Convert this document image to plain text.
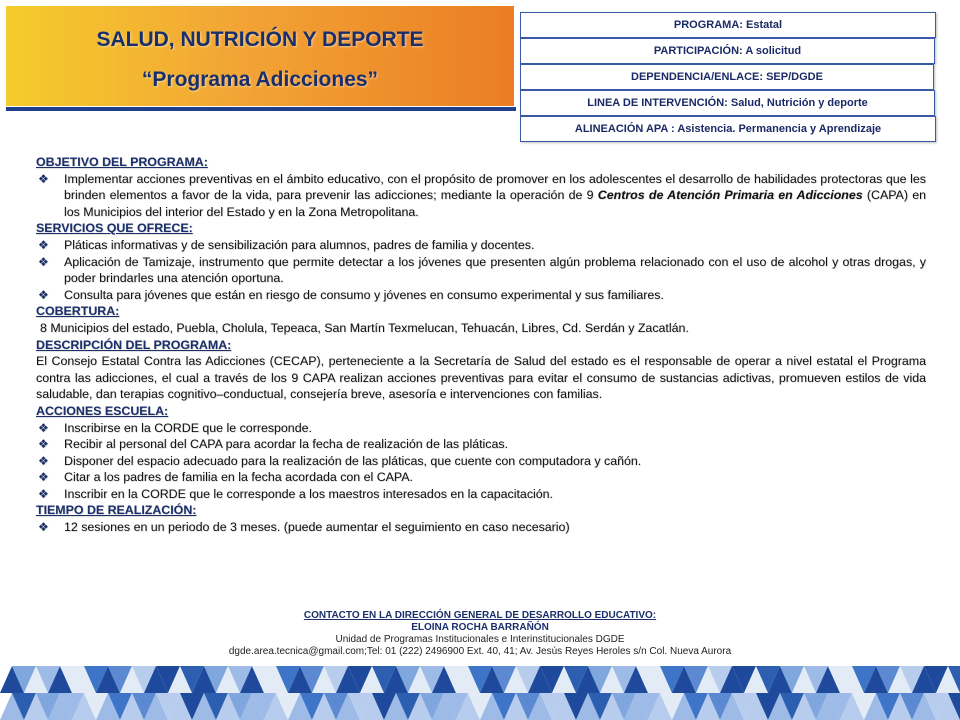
SALUD, NUTRICIÓN Y DEPORTE
“Programa Adicciones”
PROGRAMA: Estatal
PARTICIPACIÓN: A solicitud
DEPENDENCIA/ENLACE: SEP/DGDE
LINEA DE INTERVENCIÓN: Salud, Nutrición y deporte
ALINEACIÓN APA : Asistencia. Permanencia y Aprendizaje
OBJETIVO DEL PROGRAMA:
❖ Implementar acciones preventivas en el ámbito educativo, con el propósito de promover en los adolescentes el desarrollo de habilidades protectoras que les brinden elementos a favor de la vida, para prevenir las adicciones; mediante la operación de 9 Centros de Atención Primaria en Adicciones (CAPA) en los Municipios del interior del Estado y en la Zona Metropolitana.
SERVICIOS QUE OFRECE:
❖ Pláticas informativas y de sensibilización para alumnos, padres de familia y docentes.
❖ Aplicación de Tamizaje, instrumento que permite detectar a los jóvenes que presenten algún problema relacionado con el uso de alcohol y otras drogas, y poder brindarles una atención oportuna.
❖ Consulta para jóvenes que están en riesgo de consumo y jóvenes en consumo experimental y sus familiares.
COBERTURA:
8 Municipios del estado, Puebla, Cholula, Tepeaca, San Martín Texmelucan, Tehuacán, Libres, Cd. Serdán y Zacatlán.
DESCRIPCIÓN DEL PROGRAMA:
El Consejo Estatal Contra las Adicciones (CECAP), perteneciente a la Secretaría de Salud del estado es el responsable de operar a nivel estatal el Programa contra las adicciones, el cual a través de los 9 CAPA realizan acciones preventivas para evitar el consumo de sustancias adictivas, promueven estilos de vida saludable, dan terapias cognitivo–conductual, consejería breve, asesoría e intervenciones con familias.
ACCIONES ESCUELA:
❖ Inscribirse en la CORDE que le corresponde.
❖ Recibir al personal del CAPA para acordar la fecha de realización de las pláticas.
❖ Disponer del espacio adecuado para la realización de las pláticas, que cuente con computadora y cañón.
❖ Citar a los padres de familia en la fecha acordada con el CAPA.
❖ Inscribir en la CORDE que le corresponde a los maestros interesados en la capacitación.
TIEMPO DE REALIZACIÓN:
❖ 12 sesiones en un periodo de 3 meses. (puede aumentar el seguimiento en caso necesario)
CONTACTO EN LA DIRECCIÓN GENERAL DE DESARROLLO EDUCATIVO:
ELOINA ROCHA BARRAÑÓN
Unidad de Programas Institucionales e Interinstitucionales DGDE
dgde.area.tecnica@gmail.com;Tel: 01 (222) 2496900 Ext. 40, 41; Av. Jesús Reyes Heroles s/n Col. Nueva Aurora
